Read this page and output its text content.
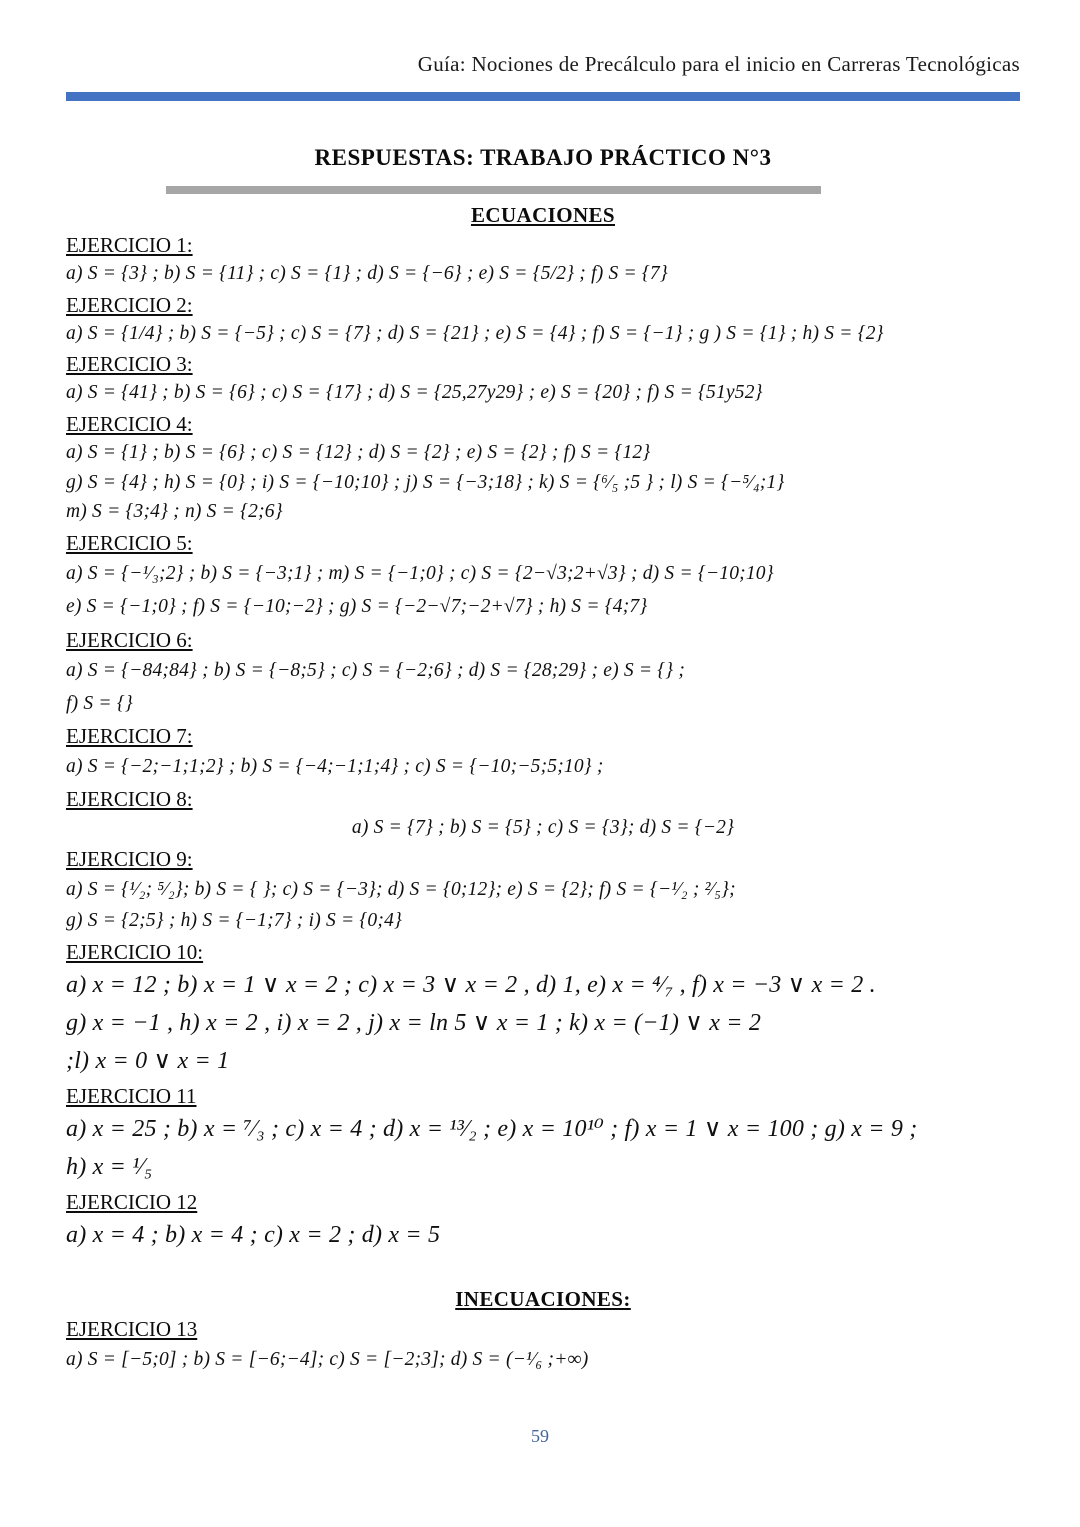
Guía: Nociones de Precálculo para el inicio en Carreras Tecnológicas
RESPUESTAS: TRABAJO PRÁCTICO N°3
ECUACIONES
EJERCICIO 1:
a) S = {3} ; b) S = {11} ; c) S = {1} ; d) S = {−6} ; e) S = {5/2} ; f) S = {7}
EJERCICIO 2:
a) S = {1/4} ; b) S = {−5} ; c) S = {7} ; d) S = {21} ; e) S = {4} ; f) S = {−1} ; g ) S = {1} ; h) S = {2}
EJERCICIO 3:
a) S = {41} ; b) S = {6} ; c) S = {17} ; d) S = {25,27y29} ; e) S = {20} ; f) S = {51y52}
EJERCICIO 4:
a) S = {1} ; b) S = {6} ; c) S = {12} ; d) S = {2} ; e) S = {2} ; f) S = {12}
g) S = {4} ; h) S = {0} ; i) S = {−10;10} ; j) S = {−3;18} ; k) S = {⁶⁄₅ ;5 } ; l) S = {−⁵⁄₄;1}
m) S = {3;4} ; n) S = {2;6}
EJERCICIO 5:
a) S = {−¹⁄₃;2} ; b) S = {−3;1} ; m) S = {−1;0} ; c) S = {2−√3;2+√3} ; d) S = {−10;10}
e) S = {−1;0} ; f) S = {−10;−2} ; g) S = {−2−√7;−2+√7} ; h) S = {4;7}
EJERCICIO 6:
a) S = {−84;84} ; b) S = {−8;5} ; c) S = {−2;6} ; d) S = {28;29} ; e) S = {} ;
f) S = {}
EJERCICIO 7:
a) S = {−2;−1;1;2} ; b) S = {−4;−1;1;4} ; c) S = {−10;−5;5;10} ;
EJERCICIO 8:
a) S = {7} ; b) S = {5} ; c) S = {3}; d) S = {−2}
EJERCICIO 9:
a) S = {¹⁄₂; ⁵⁄₂}; b) S = { }; c) S = {−3}; d) S = {0;12}; e) S = {2}; f) S = {−¹⁄₂ ; ²⁄₅};
g) S = {2;5} ; h) S = {−1;7} ; i) S = {0;4}
EJERCICIO 10:
a) x = 12 ; b) x = 1 ∨ x = 2 ; c) x = 3 ∨ x = 2 , d) 1, e) x = ⁴⁄₇ , f) x = −3 ∨ x = 2 .
g) x = −1 , h) x = 2 , i) x = 2 , j) x = ln 5 ∨ x = 1 ; k) x = (−1) ∨ x = 2
;l) x = 0 ∨ x = 1
EJERCICIO 11
a) x = 25 ; b) x = ⁷⁄₃ ; c) x = 4 ; d) x = ¹³⁄₂ ; e) x = 10¹⁰ ; f) x = 1 ∨ x = 100 ; g) x = 9 ;
h) x = ¹⁄₅
EJERCICIO 12
a) x = 4 ; b) x = 4 ; c) x = 2 ; d) x = 5
INECUACIONES:
EJERCICIO 13
a) S = [−5;0] ; b) S = [−6;−4]; c) S = [−2;3]; d) S = (−¹⁄₆ ;+∞)
59
